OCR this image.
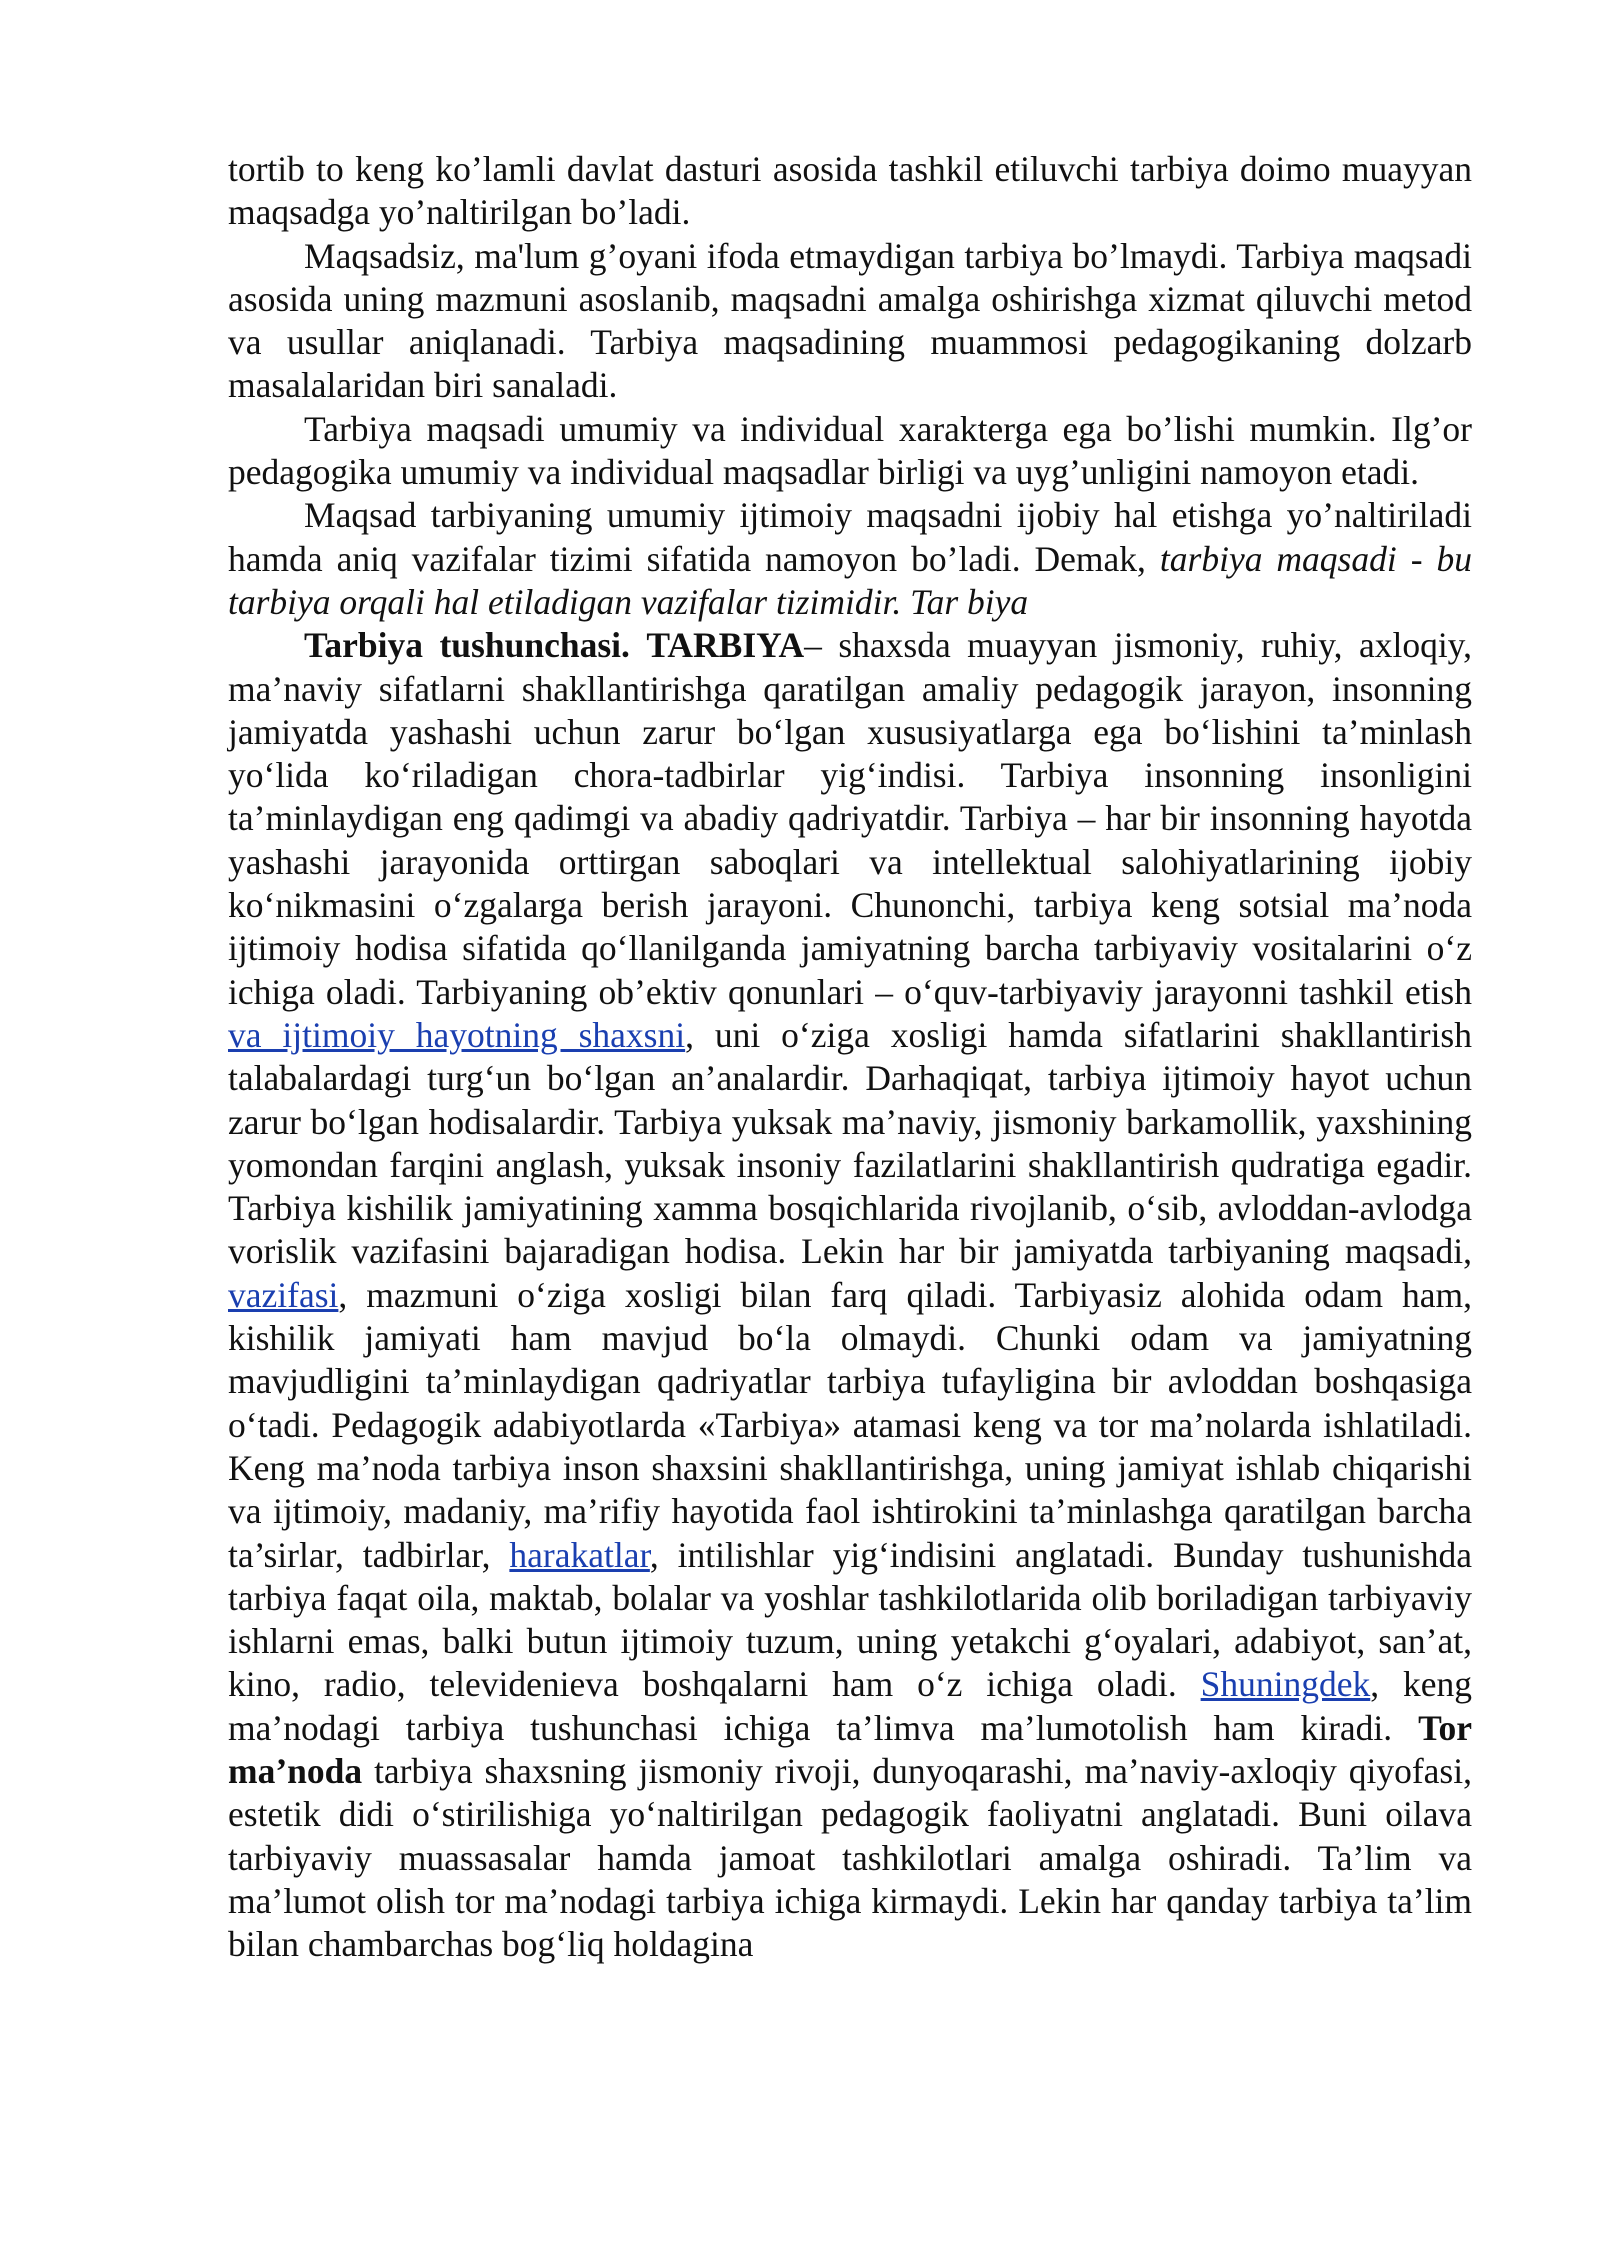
tortib to keng ko’lamli davlat dasturi asosida tashkil etiluvchi tarbiya doimo muayyan maqsadga yo’naltirilgan bo’ladi.

Maqsadsiz, ma'lum g’oyani ifoda etmaydigan tarbiya bo’lmaydi. Tarbiya maqsadi asosida uning mazmuni asoslanib, maqsadni amalga oshirishga xizmat qiluvchi metod va usullar aniqlanadi. Tarbiya maqsadining muammosi pedagogikaning dolzarb masalalaridan biri sanaladi.

Tarbiya maqsadi umumiy va individual xarakterga ega bo’lishi mumkin. Ilg’or pedagogika umumiy va individual maqsadlar birligi va uyg’unligini namoyon etadi.

Maqsad tarbiyaning umumiy ijtimoiy maqsadni ijobiy hal etishga yo’naltiriladi hamda aniq vazifalar tizimi sifatida namoyon bo’ladi. Demak, tarbiya maqsadi - bu tarbiya orqali hal etiladigan vazifalar tizimidir. Tar biya

Tarbiya tushunchasi. TARBIYA– shaxsda muayyan jismoniy, ruhiy, axloqiy, ma’naviy sifatlarni shakllantirishga qaratilgan amaliy pedagogik jarayon, insonning jamiyatda yashashi uchun zarur bo‘lgan xususiyatlarga ega bo‘lishini ta’minlash yo‘lida ko‘riladigan chora-tadbirlar yig‘indisi. Tarbiya insonning insonligini ta’minlaydigan eng qadimgi va abadiy qadriyatdir. Tarbiya – har bir insonning hayotda yashashi jarayonida orttirgan saboqlari va intellektual salohiyatlarining ijobiy ko‘nikmasini o‘zgalarga berish jarayoni. Chunonchi, tarbiya keng sotsial ma’noda ijtimoiy hodisa sifatida qo‘llanilganda jamiyatning barcha tarbiyaviy vositalarini o‘z ichiga oladi. Tarbiyaning ob’ektiv qonunlari – o‘quv-tarbiyaviy jarayonni tashkil etish va ijtimoiy hayotning shaxsni, uni o‘ziga xosligi hamda sifatlarini shakllantirish talabalardagi turg‘un bo‘lgan an’analardir. Darhaqiqat, tarbiya ijtimoiy hayot uchun zarur bo‘lgan hodisalardir. Tarbiya yuksak ma’naviy, jismoniy barkamollik, yaxshining yomondan farqini anglash, yuksak insoniy fazilatlarini shakllantirish qudratiga egadir. Tarbiya kishilik jamiyatining xamma bosqichlarida rivojlanib, o‘sib, avloddan-avlodga vorislik vazifasini bajaradigan hodisa. Lekin har bir jamiyatda tarbiyaning maqsadi, vazifasi, mazmuni o‘ziga xosligi bilan farq qiladi. Tarbiyasiz alohida odam ham, kishilik jamiyati ham mavjud bo‘la olmaydi. Chunki odam va jamiyatning mavjudligini ta’minlaydigan qadriyatlar tarbiya tufayligina bir avloddan boshqasiga o‘tadi. Pedagogik adabiyotlarda «Tarbiya» atamasi keng va tor ma’nolarda ishlatiladi. Keng ma’noda tarbiya inson shaxsini shakllantirishga, uning jamiyat ishlab chiqarishi va ijtimoiy, madaniy, ma’rifiy hayotida faol ishtirokini ta’minlashga qaratilgan barcha ta’sirlar, tadbirlar, harakatlar, intilishlar yig‘indisini anglatadi. Bunday tushunishda tarbiya faqat oila, maktab, bolalar va yoshlar tashkilotlarida olib boriladigan tarbiyaviy ishlarni emas, balki butun ijtimoiy tuzum, uning yetakchi g‘oyalari, adabiyot, san’at, kino, radio, televidenieva boshqalarni ham o‘z ichiga oladi. Shuningdek, keng ma’nodagi tarbiya tushunchasi ichiga ta’limva ma’lumotolish ham kiradi. Tor ma’noda tarbiya shaxsning jismoniy rivoji, dunyoqarashi, ma’naviy-axloqiy qiyofasi, estetik didi o‘stirilishiga yo‘naltirilgan pedagogik faoliyatni anglatadi. Buni oilava tarbiyaviy muassasalar hamda jamoat tashkilotlari amalga oshiradi. Ta’lim va ma’lumot olish tor ma’nodagi tarbiya ichiga kirmaydi. Lekin har qanday tarbiya ta’lim bilan chambarchas bog‘liq holdagina
